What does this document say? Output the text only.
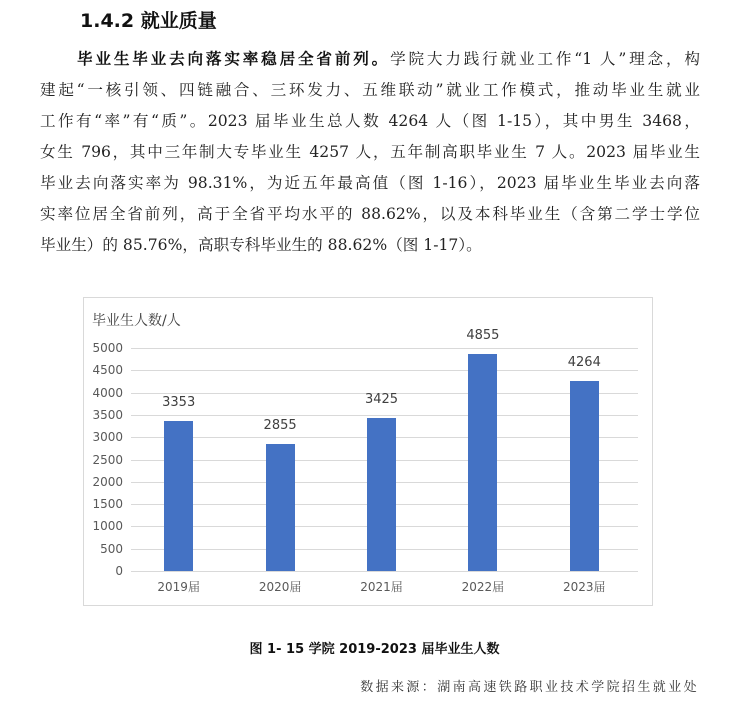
1.4.2 就业质量
毕业生毕业去向落实率稳居全省前列。学院大力践行就业工作“1 人”理念，构
建起“一核引领、四链融合、三环发力、五维联动”就业工作模式，推动毕业生就业
工作有“率”有“质”。2023 届毕业生总人数 4264 人（图 1-15），其中男生 3468，
女生 796，其中三年制大专毕业生 4257 人，五年制高职毕业生 7 人。2023 届毕业生
毕业去向落实率为 98.31%，为近五年最高值（图 1-16），2023 届毕业生毕业去向落
实率位居全省前列，高于全省平均水平的 88.62%，以及本科毕业生（含第二学士学位
毕业生）的 85.76%，高职专科毕业生的 88.62%（图 1-17）。
毕业生人数/人
5000
4500
4000
3500
3000
2500
2000
1500
1000
500
0
3353
2019届
2855
2020届
3425
2021届
4855
2022届
4264
2023届
图 1- 15 学院 2019-2023 届毕业生人数
数据来源：湖南高速铁路职业技术学院招生就业处
